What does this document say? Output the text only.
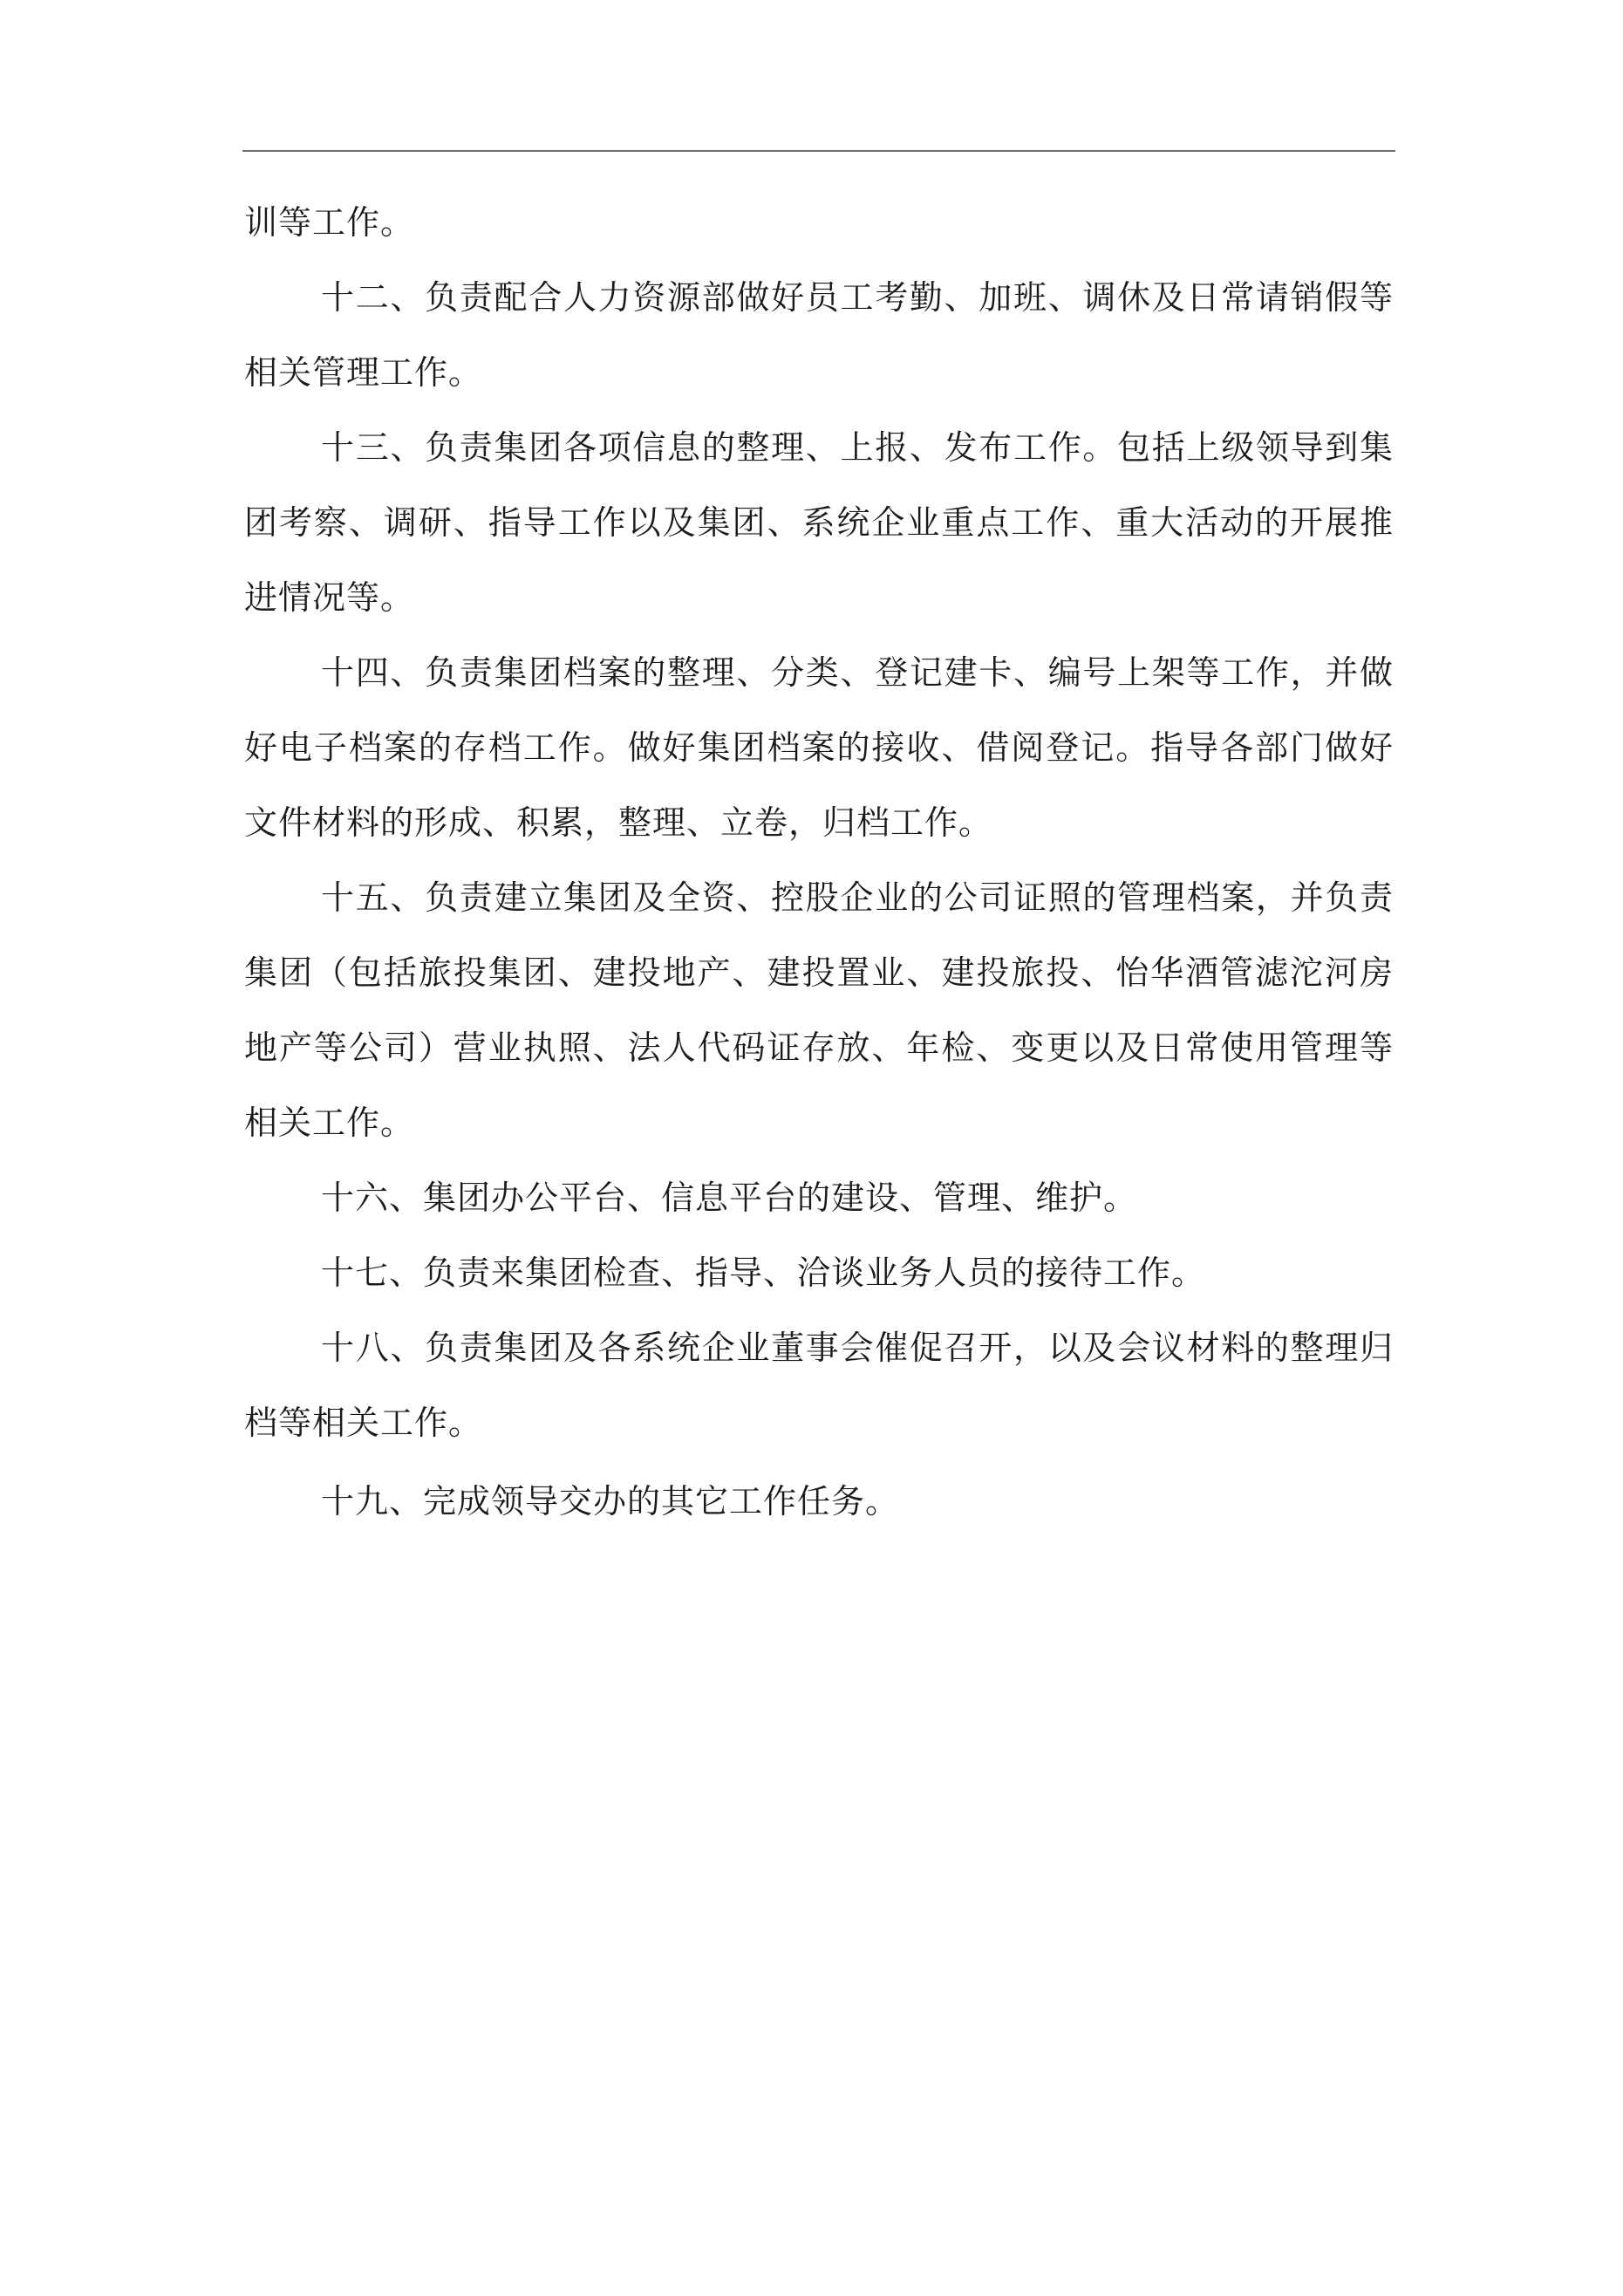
训等工作。

十二、负责配合人力资源部做好员工考勤、加班、调休及日常请销假等相关管理工作。

十三、负责集团各项信息的整理、上报、发布工作。包括上级领导到集团考察、调研、指导工作以及集团、系统企业重点工作、重大活动的开展推进情况等。

十四、负责集团档案的整理、分类、登记建卡、编号上架等工作，并做好电子档案的存档工作。做好集团档案的接收、借阅登记。指导各部门做好文件材料的形成、积累，整理、立卷，归档工作。

十五、负责建立集团及全资、控股企业的公司证照的管理档案，并负责集团（包括旅投集团、建投地产、建投置业、建投旅投、怡华酒管滤沱河房地产等公司）营业执照、法人代码证存放、年检、变更以及日常使用管理等相关工作。

十六、集团办公平台、信息平台的建设、管理、维护。

十七、负责来集团检查、指导、洽谈业务人员的接待工作。

十八、负责集团及各系统企业董事会催促召开，以及会议材料的整理归档等相关工作。

十九、完成领导交办的其它工作任务。
